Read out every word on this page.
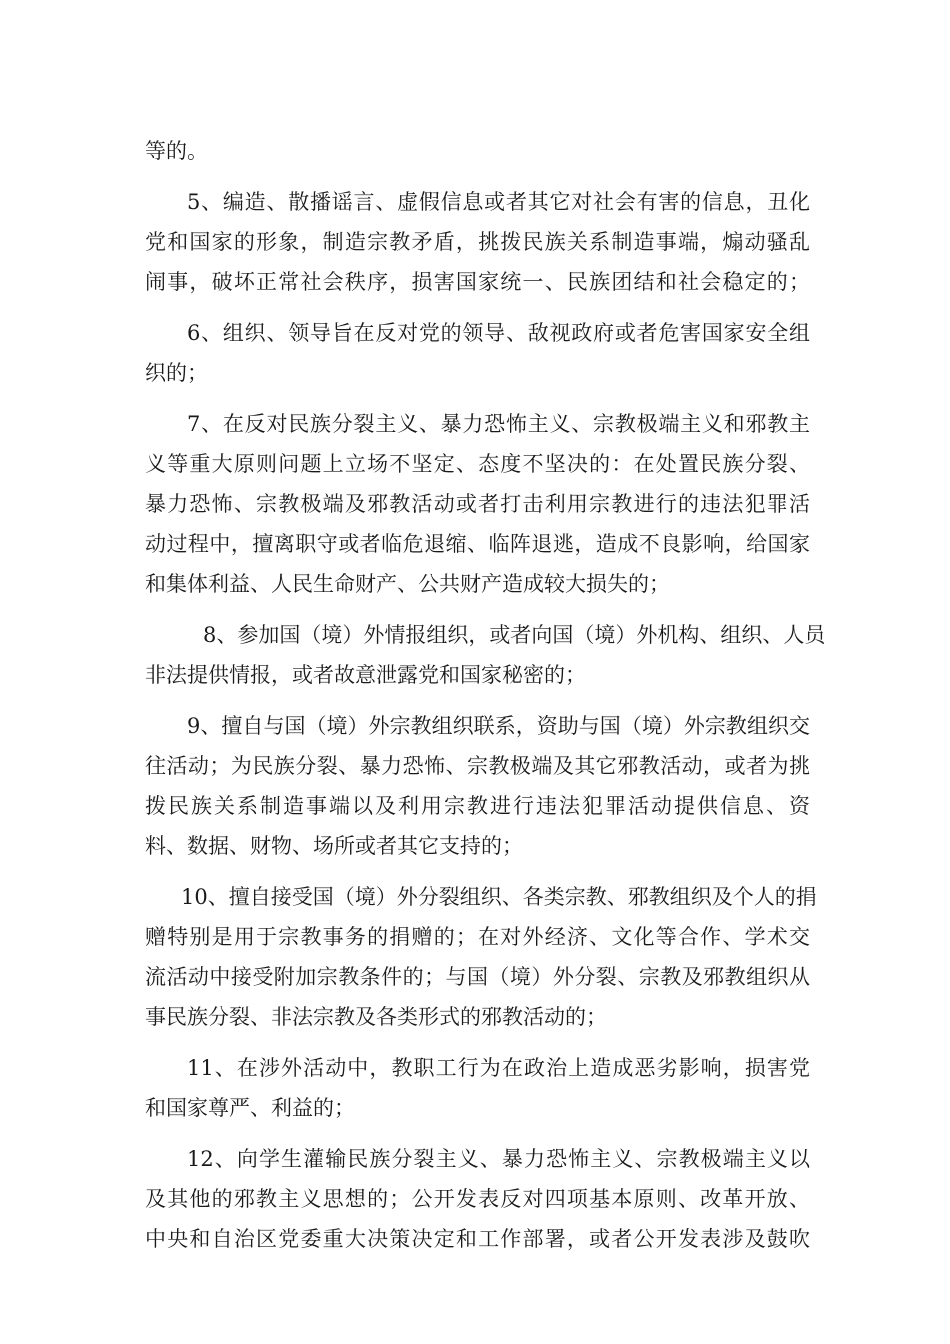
等的。
5、编造、散播谣言、虚假信息或者其它对社会有害的信息，丑化
党和国家的形象，制造宗教矛盾，挑拨民族关系制造事端，煽动骚乱
闹事，破坏正常社会秩序，损害国家统一、民族团结和社会稳定的；
6、组织、领导旨在反对党的领导、敌视政府或者危害国家安全组
织的；
7、在反对民族分裂主义、暴力恐怖主义、宗教极端主义和邪教主
义等重大原则问题上立场不坚定、态度不坚决的：在处置民族分裂、
暴力恐怖、宗教极端及邪教活动或者打击利用宗教进行的违法犯罪活
动过程中，擅离职守或者临危退缩、临阵退逃，造成不良影响，给国家
和集体利益、人民生命财产、公共财产造成较大损失的；
8、参加国（境）外情报组织，或者向国（境）外机构、组织、人员
非法提供情报，或者故意泄露党和国家秘密的；
9、擅自与国（境）外宗教组织联系，资助与国（境）外宗教组织交
往活动；为民族分裂、暴力恐怖、宗教极端及其它邪教活动，或者为挑
拨民族关系制造事端以及利用宗教进行违法犯罪活动提供信息、资
料、数据、财物、场所或者其它支持的；
10、擅自接受国（境）外分裂组织、各类宗教、邪教组织及个人的捐
赠特别是用于宗教事务的捐赠的；在对外经济、文化等合作、学术交
流活动中接受附加宗教条件的；与国（境）外分裂、宗教及邪教组织从
事民族分裂、非法宗教及各类形式的邪教活动的；
11、在涉外活动中，教职工行为在政治上造成恶劣影响，损害党
和国家尊严、利益的；
12、向学生灌输民族分裂主义、暴力恐怖主义、宗教极端主义以
及其他的邪教主义思想的；公开发表反对四项基本原则、改革开放、
中央和自治区党委重大决策决定和工作部署，或者公开发表涉及鼓吹
